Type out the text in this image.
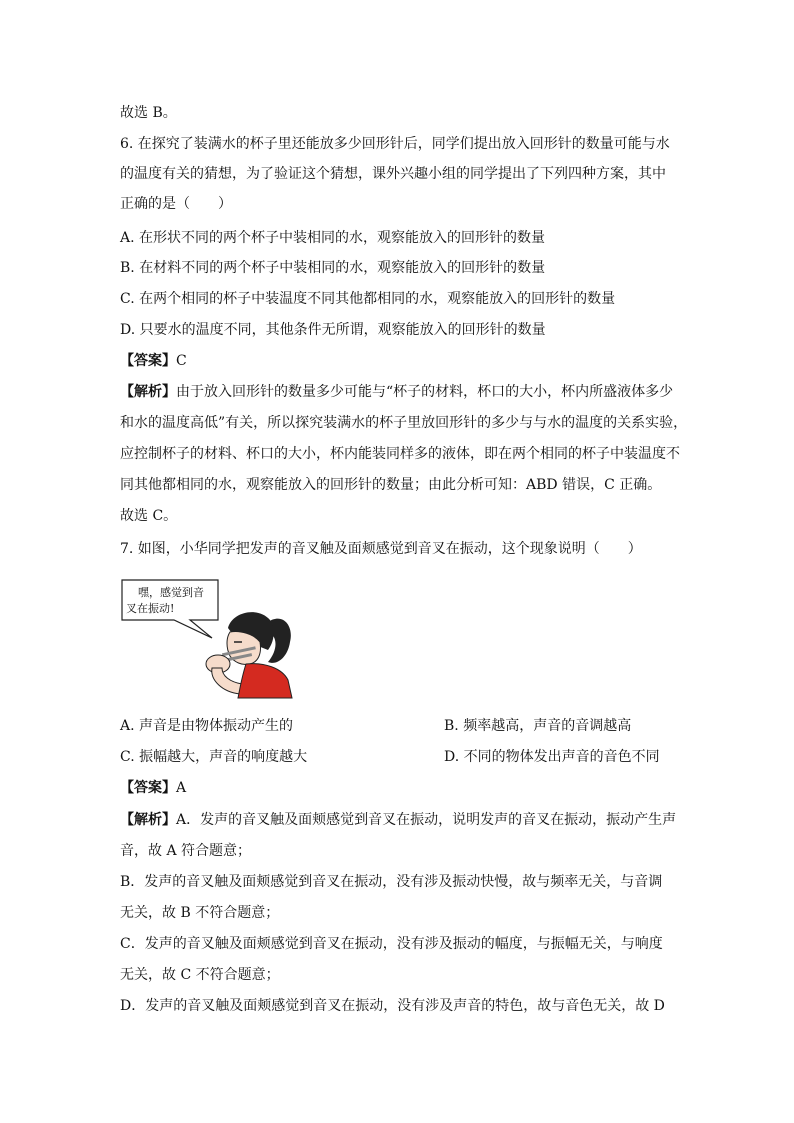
故选 B。
6. 在探究了装满水的杯子里还能放多少回形针后，同学们提出放入回形针的数量可能与水
的温度有关的猜想，为了验证这个猜想，课外兴趣小组的同学提出了下列四种方案，其中
正确的是（　　）
A. 在形状不同的两个杯子中装相同的水，观察能放入的回形针的数量
B. 在材料不同的两个杯子中装相同的水，观察能放入的回形针的数量
C. 在两个相同的杯子中装温度不同其他都相同的水，观察能放入的回形针的数量
D. 只要水的温度不同，其他条件无所谓，观察能放入的回形针的数量
【答案】C
【解析】由于放入回形针的数量多少可能与“杯子的材料，杯口的大小，杯内所盛液体多少
和水的温度高低”有关，所以探究装满水的杯子里放回形针的多少与与水的温度的关系实验，
应控制杯子的材料、杯口的大小，杯内能装同样多的液体，即在两个相同的杯子中装温度不
同其他都相同的水，观察能放入的回形针的数量；由此分析可知：ABD 错误，C 正确。
故选 C。
7. 如图，小华同学把发声的音叉触及面颊感觉到音叉在振动，这个现象说明（　　）
嘿，感觉到音
叉在振动!
A. 声音是由物体振动产生的	B. 频率越高，声音的音调越高
C. 振幅越大，声音的响度越大	D. 不同的物体发出声音的音色不同
【答案】A
【解析】A．发声的音叉触及面颊感觉到音叉在振动，说明发声的音叉在振动，振动产生声
音，故 A 符合题意；
B．发声的音叉触及面颊感觉到音叉在振动，没有涉及振动快慢，故与频率无关，与音调
无关，故 B 不符合题意；
C．发声的音叉触及面颊感觉到音叉在振动，没有涉及振动的幅度，与振幅无关，与响度
无关，故 C 不符合题意；
D．发声的音叉触及面颊感觉到音叉在振动，没有涉及声音的特色，故与音色无关，故 D
